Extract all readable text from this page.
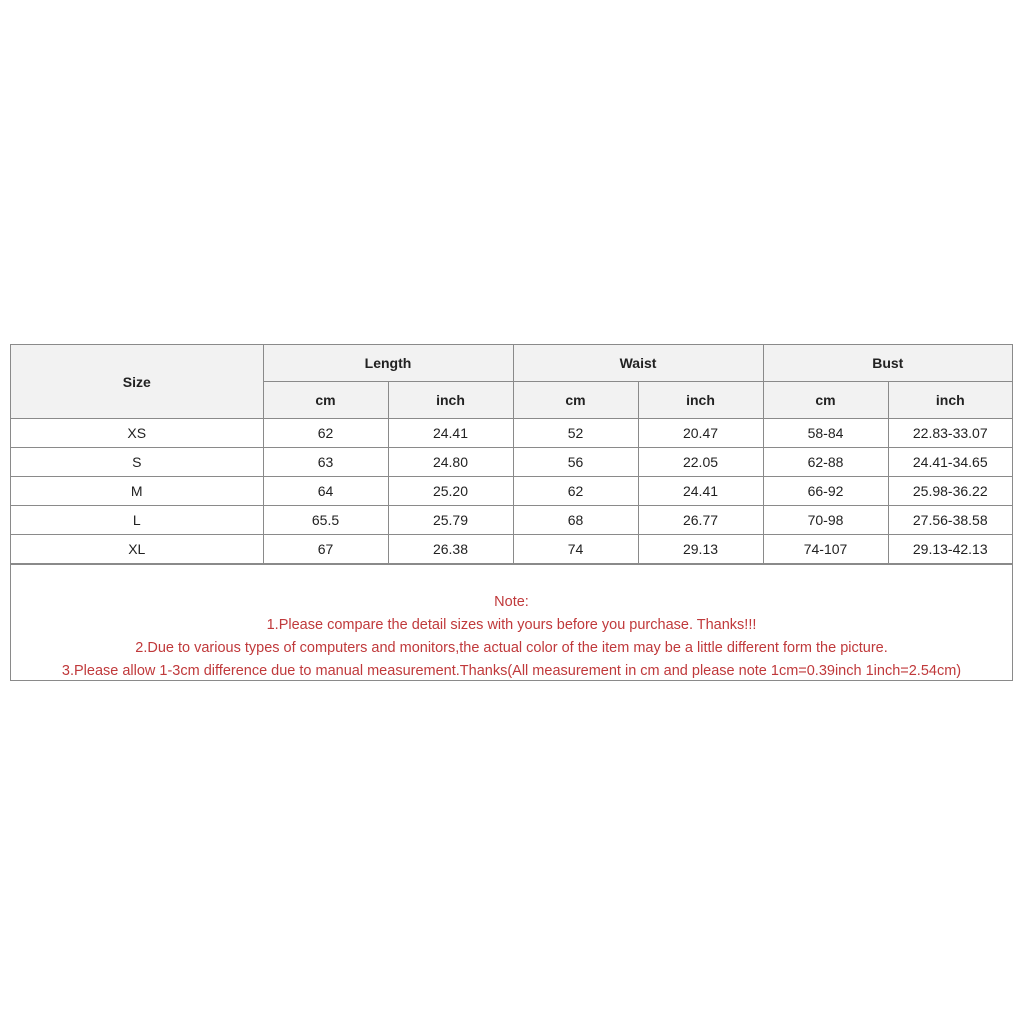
Size	Length		Waist		Bust	
	cm	inch	cm	inch	cm	inch
XS	62	24.41	52	20.47	58-84	22.83-33.07
S	63	24.80	56	22.05	62-88	24.41-34.65
M	64	25.20	62	24.41	66-92	25.98-36.22
L	65.5	25.79	68	26.77	70-98	27.56-38.58
XL	67	26.38	74	29.13	74-107	29.13-42.13
Note:
1.Please compare the detail sizes with yours before you purchase. Thanks!!!
2.Due to various types of computers and monitors,the actual color of the item may be a little different form the picture.
3.Please allow 1-3cm difference due to manual measurement.Thanks(All measurement in cm and please note 1cm=0.39inch 1inch=2.54cm)
